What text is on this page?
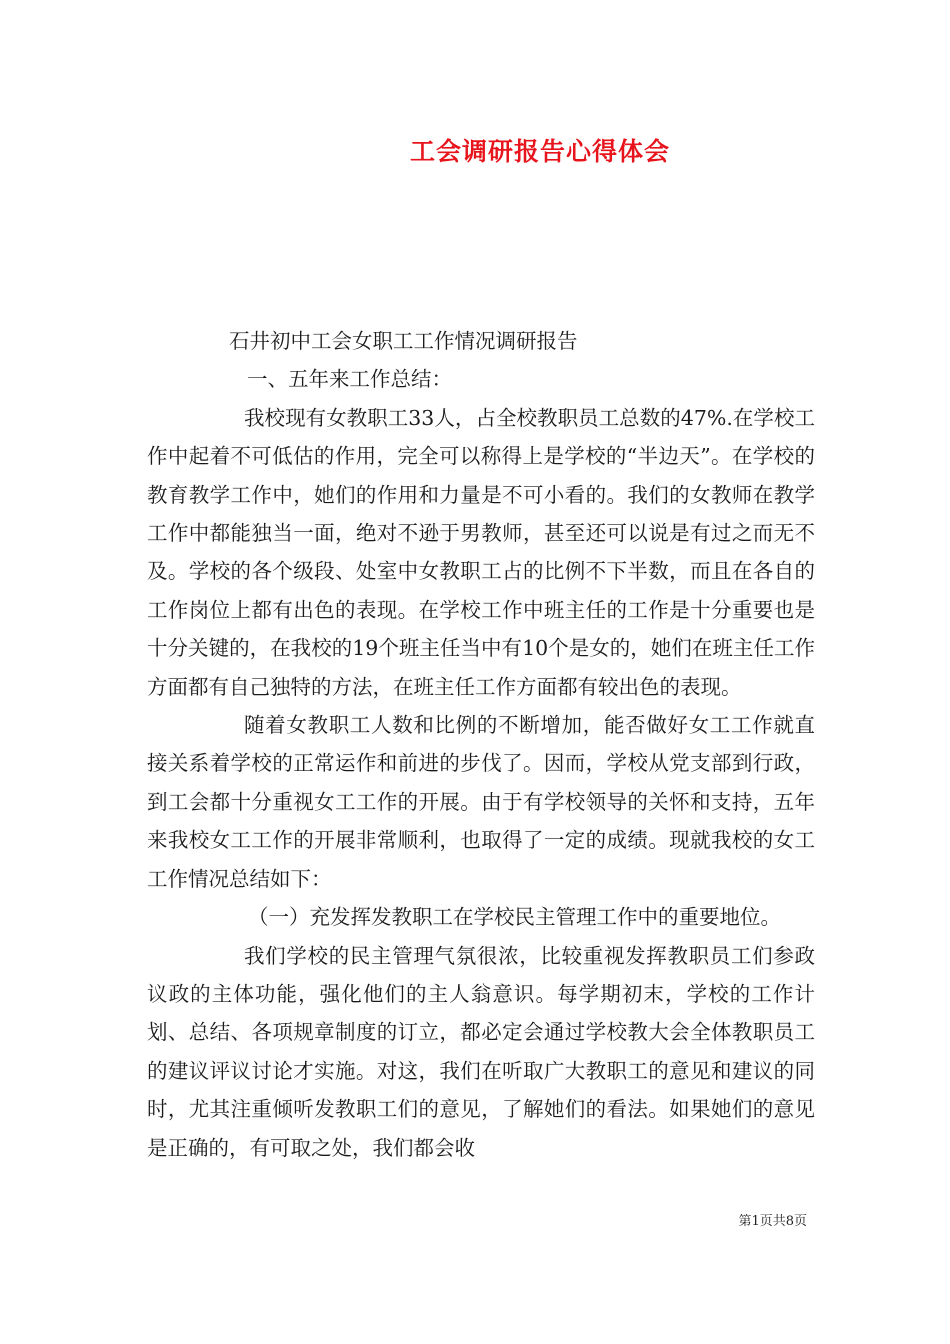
工会调研报告心得体会

石井初中工会女职工工作情况调研报告

一、五年来工作总结：

我校现有女教职工33人，占全校教职员工总数的47%.在学校工作中起着不可低估的作用，完全可以称得上是学校的“半边天”。在学校的教育教学工作中，她们的作用和力量是不可小看的。我们的女教师在教学工作中都能独当一面，绝对不逊于男教师，甚至还可以说是有过之而无不及。学校的各个级段、处室中女教职工占的比例不下半数，而且在各自的工作岗位上都有出色的表现。在学校工作中班主任的工作是十分重要也是十分关键的，在我校的19个班主任当中有10个是女的，她们在班主任工作方面都有自己独特的方法，在班主任工作方面都有较出色的表现。

随着女教职工人数和比例的不断增加，能否做好女工工作就直接关系着学校的正常运作和前进的步伐了。因而，学校从党支部到行政，到工会都十分重视女工工作的开展。由于有学校领导的关怀和支持，五年来我校女工工作的开展非常顺利，也取得了一定的成绩。现就我校的女工工作情况总结如下：

（一）充发挥发教职工在学校民主管理工作中的重要地位。

我们学校的民主管理气氛很浓，比较重视发挥教职员工们参政议政的主体功能，强化他们的主人翁意识。每学期初末，学校的工作计划、总结、各项规章制度的订立，都必定会通过学校教大会全体教职员工的建议评议讨论才实施。对这，我们在听取广大教职工的意见和建议的同时，尤其注重倾听发教职工们的意见，了解她们的看法。如果她们的意见是正确的，有可取之处，我们都会收

第1页共8页
